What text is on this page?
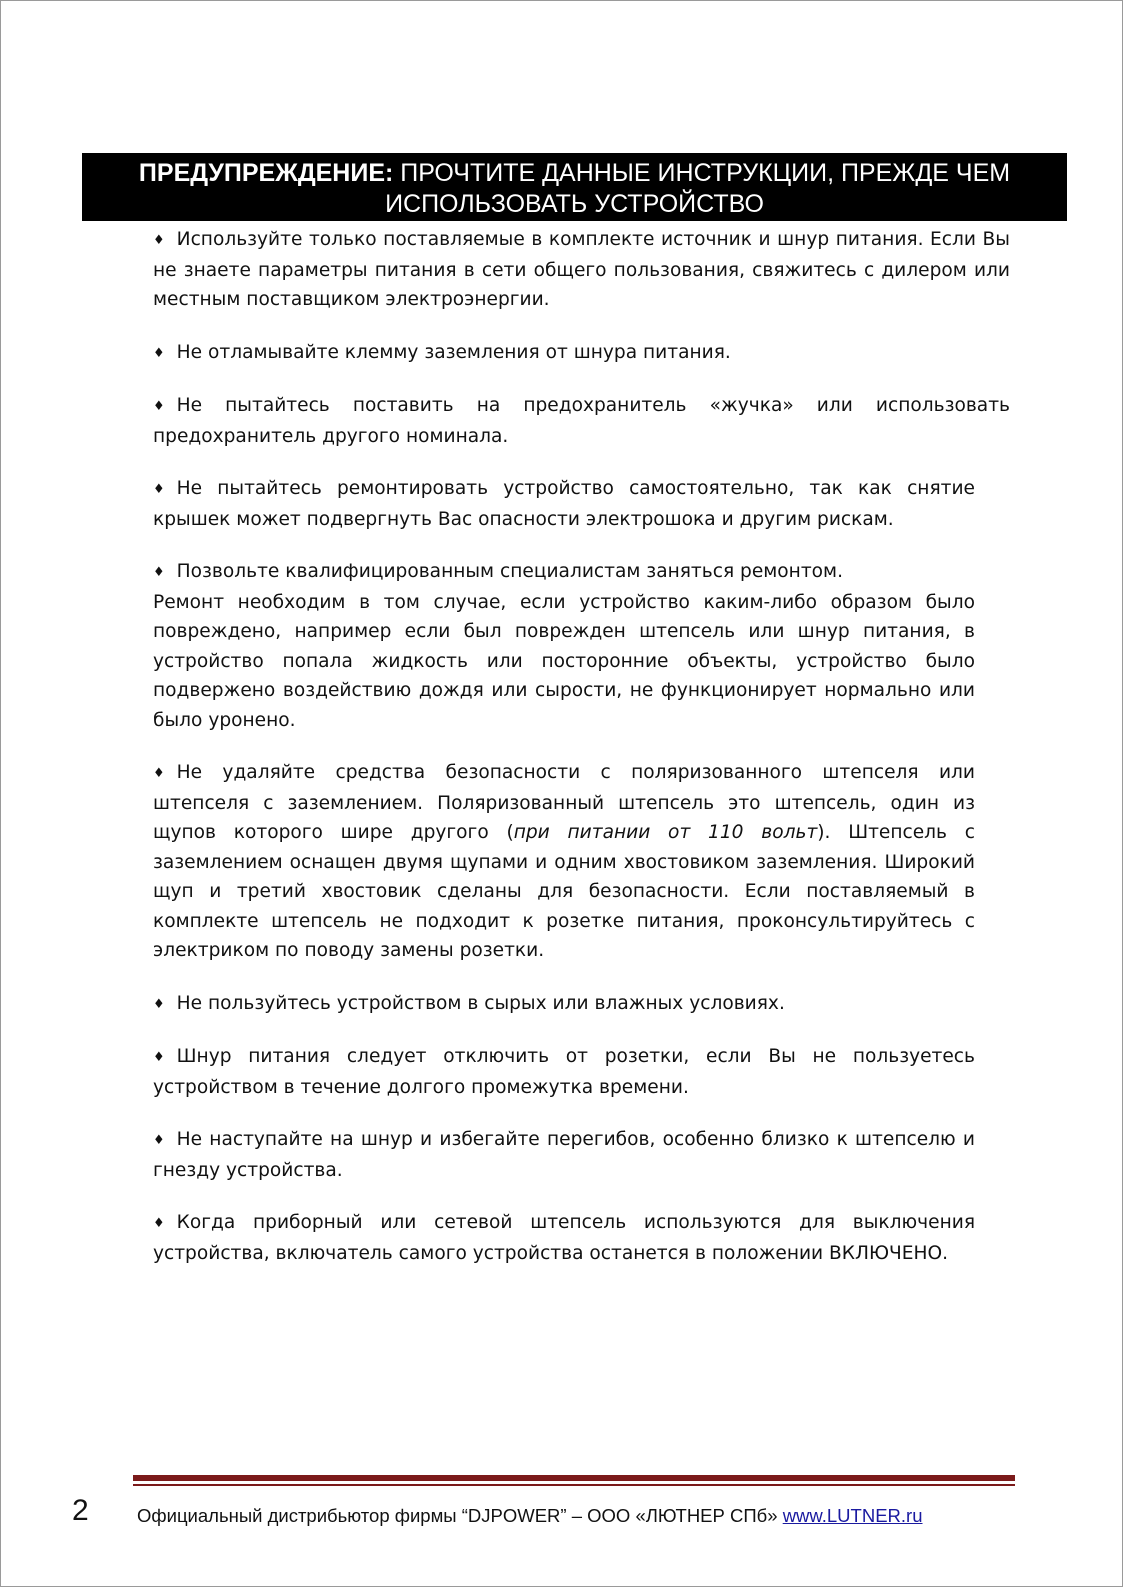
ПРЕДУПРЕЖДЕНИЕ: ПРОЧТИТЕ ДАННЫЕ ИНСТРУКЦИИ, ПРЕЖДЕ ЧЕМ
ИСПОЛЬЗОВАТЬ УСТРОЙСТВО

♦ Используйте только поставляемые в комплекте источник и шнур питания. Если Вы не знаете параметры питания в сети общего пользования, свяжитесь с дилером или местным поставщиком электроэнергии.

♦ Не отламывайте клемму заземления от шнура питания.

♦ Не пытайтесь поставить на предохранитель «жучка» или использовать предохранитель другого номинала.

♦ Не пытайтесь ремонтировать устройство самостоятельно, так как снятие крышек может подвергнуть Вас опасности электрошока и другим рискам.

♦ Позвольте квалифицированным специалистам заняться ремонтом.
Ремонт необходим в том случае, если устройство каким-либо образом было повреждено, например если был поврежден штепсель или шнур питания, в устройство попала жидкость или посторонние объекты, устройство было подвержено воздействию дождя или сырости, не функционирует нормально или было уронено.

♦ Не удаляйте средства безопасности с поляризованного штепселя или штепселя с заземлением. Поляризованный штепсель это штепсель, один из щупов которого шире другого (при питании от 110 вольт). Штепсель с заземлением оснащен двумя щупами и одним хвостовиком заземления. Широкий щуп и третий хвостовик сделаны для безопасности. Если поставляемый в комплекте штепсель не подходит к розетке питания, проконсультируйтесь с электриком по поводу замены розетки.

♦ Не пользуйтесь устройством в сырых или влажных условиях.

♦ Шнур питания следует отключить от розетки, если Вы не пользуетесь устройством в течение долгого промежутка времени.

♦ Не наступайте на шнур и избегайте перегибов, особенно близко к штепселю и гнезду устройства.

♦ Когда приборный или сетевой штепсель используются для выключения устройства, включатель самого устройства останется в положении ВКЛЮЧЕНО.

2	Официальный дистрибьютор фирмы “DJPOWER” – ООО «ЛЮТНЕР СПб» www.LUTNER.ru
